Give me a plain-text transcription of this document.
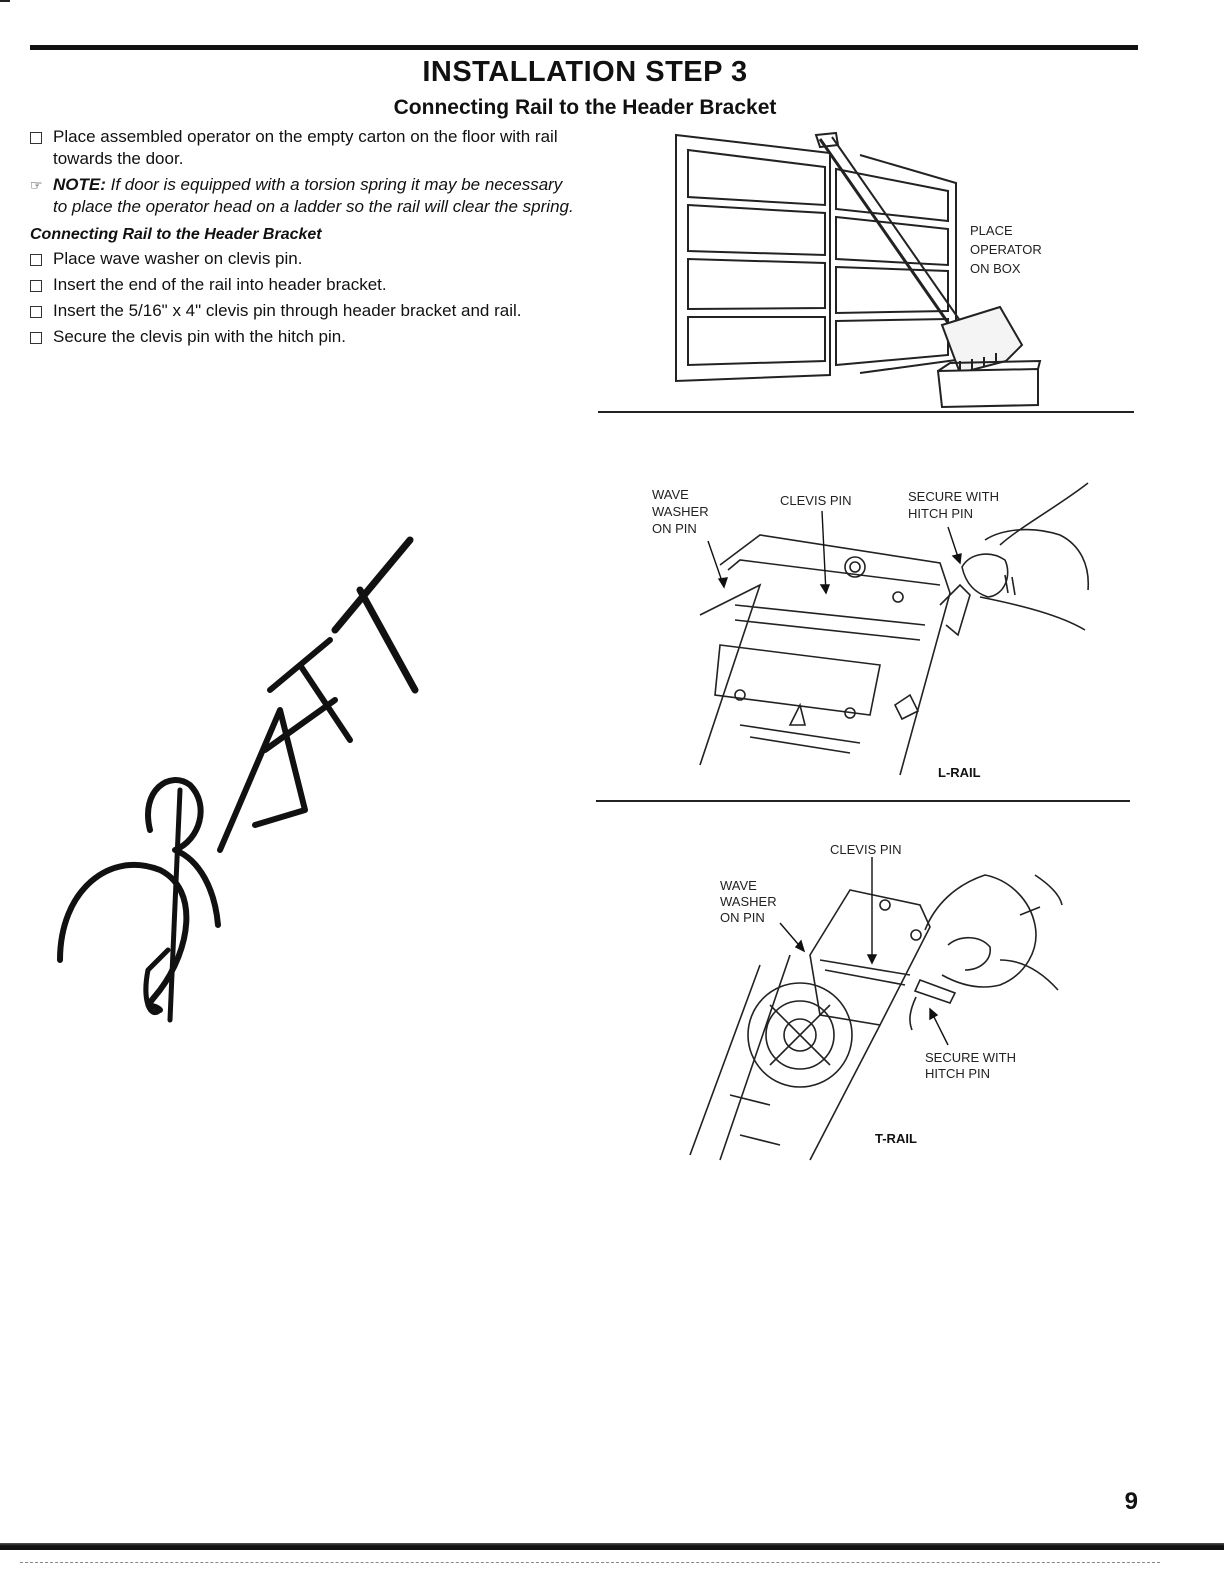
INSTALLATION STEP 3
Connecting Rail to the Header Bracket
Place assembled operator on the empty carton on the floor with rail towards the door.
☞ NOTE: If door is equipped with a torsion spring it may be necessary to place the operator head on a ladder so the rail will clear the spring.
Connecting Rail to the Header Bracket
Place wave washer on clevis pin.
Insert the end of the rail into header bracket.
Insert the 5/16" x 4" clevis pin through header bracket and rail.
Secure the clevis pin with the hitch pin.
PLACE
OPERATOR
ON BOX
WAVE
WASHER
ON PIN
CLEVIS PIN	SECURE WITH
HITCH PIN
L-RAIL
CLEVIS PIN
WAVE
WASHER
ON PIN
SECURE WITH
HITCH PIN
T-RAIL
9
